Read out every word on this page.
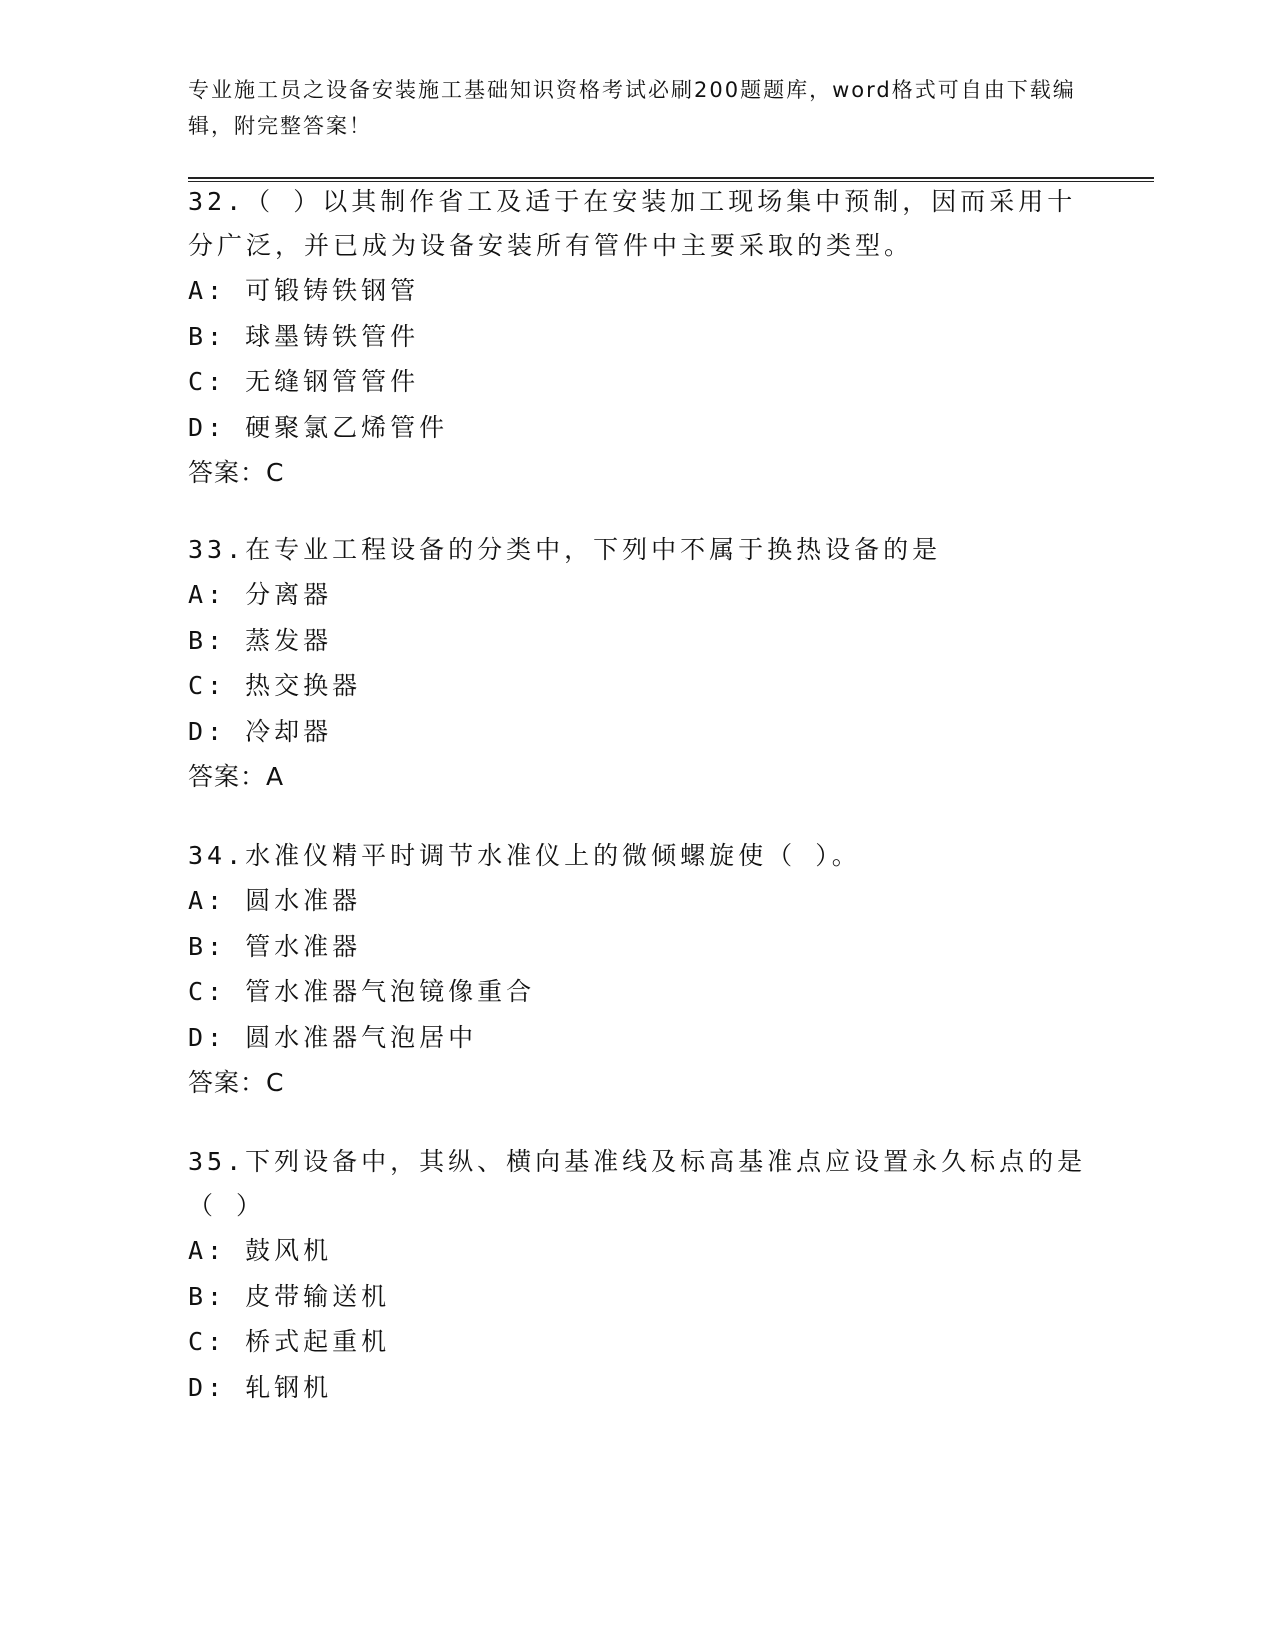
专业施工员之设备安装施工基础知识资格考试必刷200题题库，word格式可自由下载编辑，附完整答案！
32.（ ）以其制作省工及适于在安装加工现场集中预制，因而采用十分广泛，并已成为设备安装所有管件中主要采取的类型。
A: 可锻铸铁钢管
B: 球墨铸铁管件
C: 无缝钢管管件
D: 硬聚氯乙烯管件
答案：C
33.在专业工程设备的分类中，下列中不属于换热设备的是
A: 分离器
B: 蒸发器
C: 热交换器
D: 冷却器
答案：A
34.水准仪精平时调节水准仪上的微倾螺旋使（ ）。
A: 圆水准器
B: 管水准器
C: 管水准器气泡镜像重合
D: 圆水准器气泡居中
答案：C
35.下列设备中，其纵、横向基准线及标高基准点应设置永久标点的是（ ）
A: 鼓风机
B: 皮带输送机
C: 桥式起重机
D: 轧钢机
